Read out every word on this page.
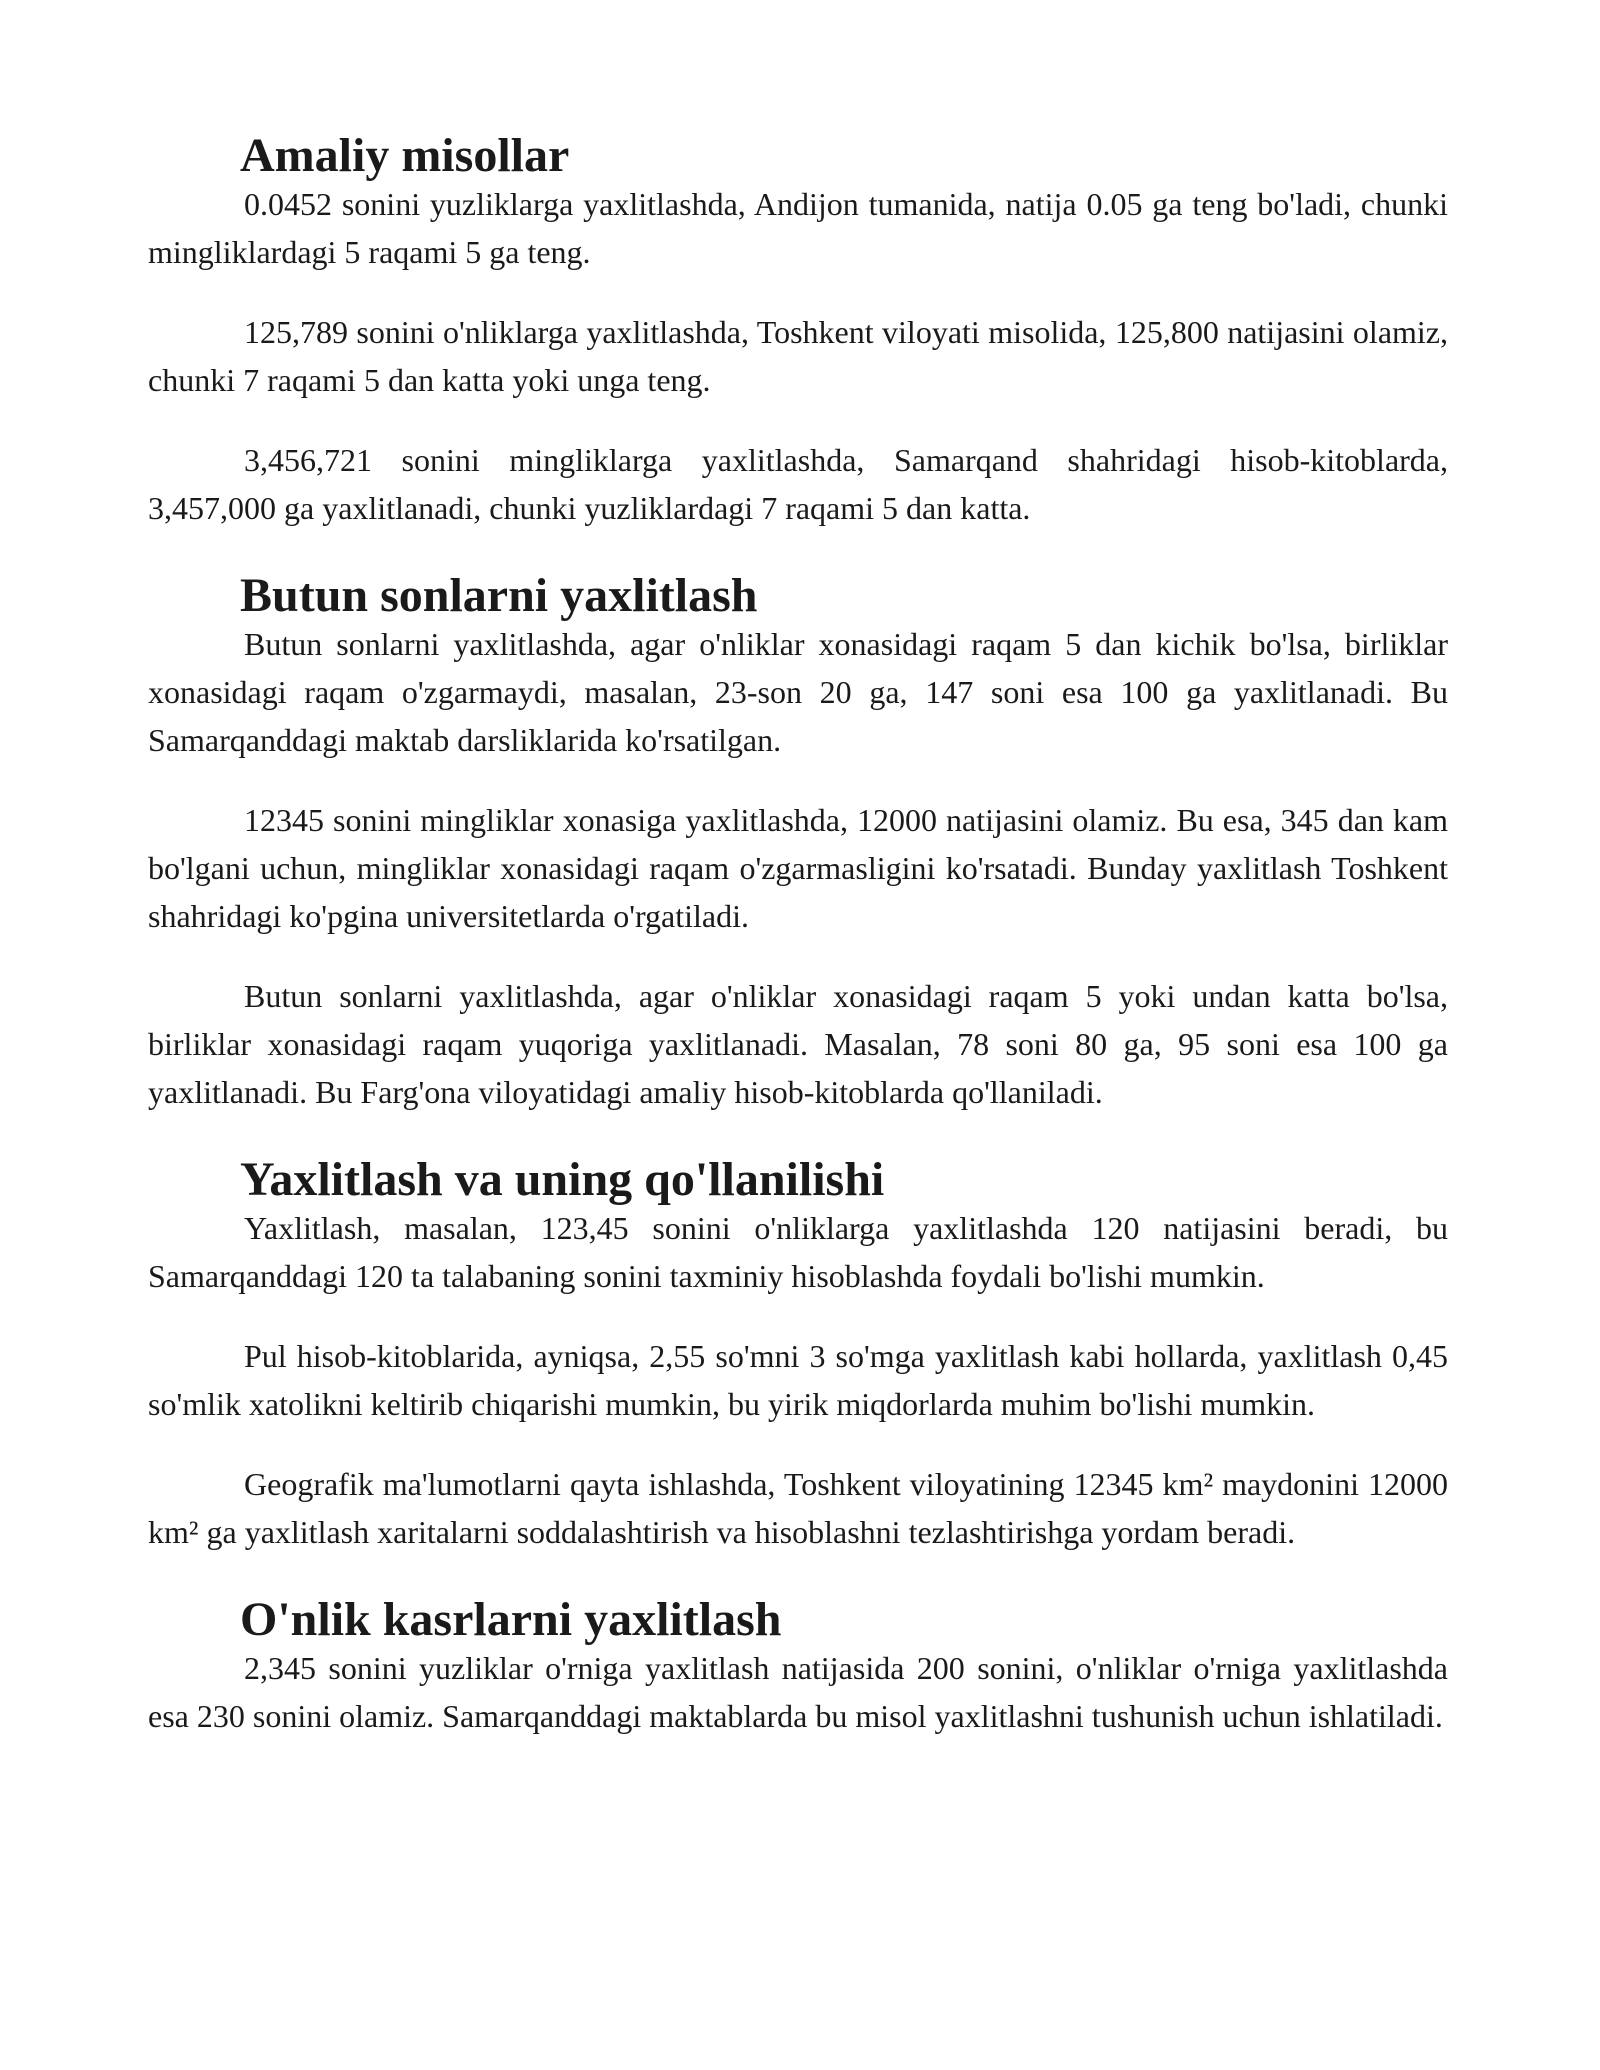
Amaliy misollar

0.0452 sonini yuzliklarga yaxlitlashda, Andijon tumanida, natija 0.05 ga teng bo'ladi, chunki mingliklardagi 5 raqami 5 ga teng.

125,789 sonini o'nliklarga yaxlitlashda, Toshkent viloyati misolida, 125,800 natijasini olamiz, chunki 7 raqami 5 dan katta yoki unga teng.

3,456,721 sonini mingliklarga yaxlitlashda, Samarqand shahridagi hisob-kitoblarda, 3,457,000 ga yaxlitlanadi, chunki yuzliklardagi 7 raqami 5 dan katta.

Butun sonlarni yaxlitlash

Butun sonlarni yaxlitlashda, agar o'nliklar xonasidagi raqam 5 dan kichik bo'lsa, birliklar xonasidagi raqam o'zgarmaydi, masalan, 23-son 20 ga, 147 soni esa 100 ga yaxlitlanadi. Bu Samarqanddagi maktab darsliklarida ko'rsatilgan.

12345 sonini mingliklar xonasiga yaxlitlashda, 12000 natijasini olamiz. Bu esa, 345 dan kam bo'lgani uchun, mingliklar xonasidagi raqam o'zgarmasligini ko'rsatadi. Bunday yaxlitlash Toshkent shahridagi ko'pgina universitetlarda o'rgatiladi.

Butun sonlarni yaxlitlashda, agar o'nliklar xonasidagi raqam 5 yoki undan katta bo'lsa, birliklar xonasidagi raqam yuqoriga yaxlitlanadi. Masalan, 78 soni 80 ga, 95 soni esa 100 ga yaxlitlanadi. Bu Farg'ona viloyatidagi amaliy hisob-kitoblarda qo'llaniladi.

Yaxlitlash va uning qo'llanilishi

Yaxlitlash, masalan, 123,45 sonini o'nliklarga yaxlitlashda 120 natijasini beradi, bu Samarqanddagi 120 ta talabaning sonini taxminiy hisoblashda foydali bo'lishi mumkin.

Pul hisob-kitoblarida, ayniqsa, 2,55 so'mni 3 so'mga yaxlitlash kabi hollarda, yaxlitlash 0,45 so'mlik xatolikni keltirib chiqarishi mumkin, bu yirik miqdorlarda muhim bo'lishi mumkin.

Geografik ma'lumotlarni qayta ishlashda, Toshkent viloyatining 12345 km² maydonini 12000 km² ga yaxlitlash xaritalarni soddalashtirish va hisoblashni tezlashtirishga yordam beradi.

O'nlik kasrlarni yaxlitlash

2,345 sonini yuzliklar o'rniga yaxlitlash natijasida 200 sonini, o'nliklar o'rniga yaxlitlashda esa 230 sonini olamiz. Samarqanddagi maktablarda bu misol yaxlitlashni tushunish uchun ishlatiladi.
